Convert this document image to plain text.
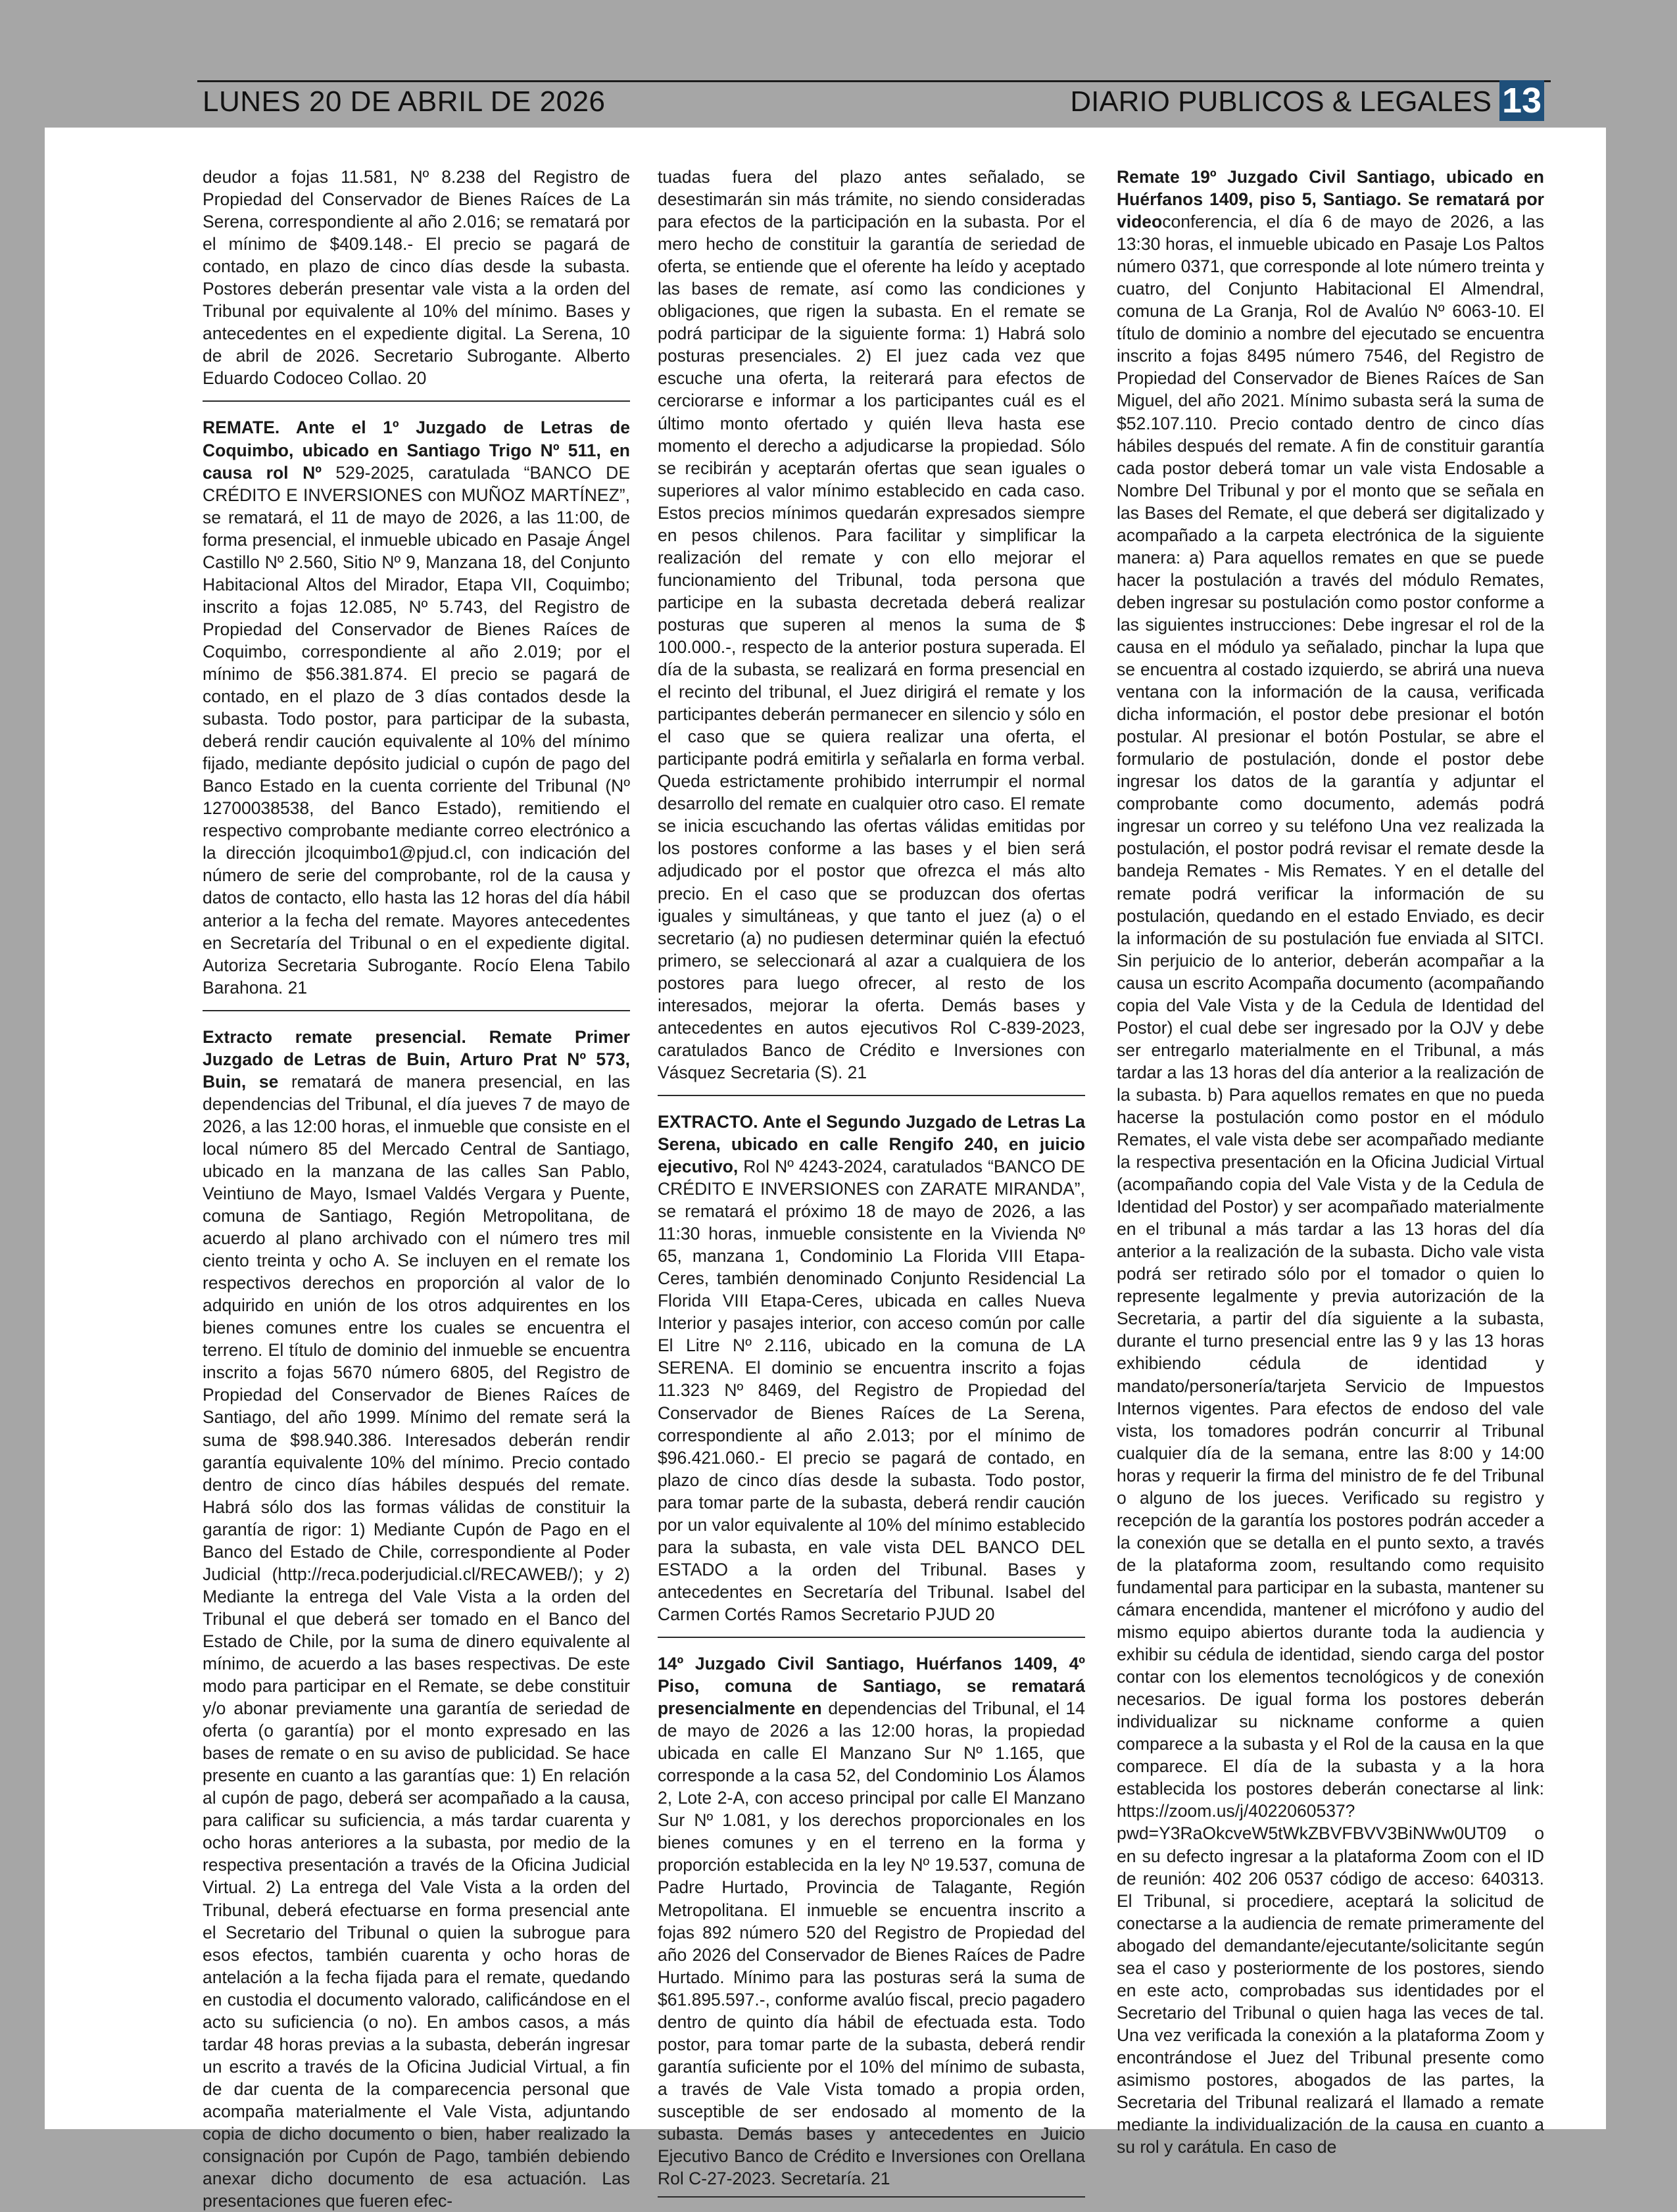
LUNES 20 DE ABRIL DE 2026	DIARIO PUBLICOS & LEGALES 13

deudor a fojas 11.581, Nº 8.238 del Registro de Propiedad del Conservador de Bienes Raíces de La Serena, correspondiente al año 2.016; se rematará por el mínimo de $409.148.- El precio se pagará de contado, en plazo de cinco días desde la subasta. Postores deberán presentar vale vista a la orden del Tribunal por equivalente al 10% del mínimo. Bases y antecedentes en el expediente digital. La Serena, 10 de abril de 2026. Secretario Subrogante. Alberto Eduardo Codoceo Collao. 20

REMATE. Ante el 1º Juzgado de Letras de Coquimbo, ubicado en Santiago Trigo Nº 511, en causa rol Nº 529-2025, caratulada “BANCO DE CRÉDITO E INVERSIONES con MUÑOZ MARTÍNEZ”, se rematará, el 11 de mayo de 2026, a las 11:00, de forma presencial, el inmueble ubicado en Pasaje Ángel Castillo Nº 2.560, Sitio Nº 9, Manzana 18, del Conjunto Habitacional Altos del Mirador, Etapa VII, Coquimbo; inscrito a fojas 12.085, Nº 5.743, del Registro de Propiedad del Conservador de Bienes Raíces de Coquimbo, correspondiente al año 2.019; por el mínimo de $56.381.874. El precio se pagará de contado, en el plazo de 3 días contados desde la subasta. Todo postor, para participar de la subasta, deberá rendir caución equivalente al 10% del mínimo fijado, mediante depósito judicial o cupón de pago del Banco Estado en la cuenta corriente del Tribunal (Nº 12700038538, del Banco Estado), remitiendo el respectivo comprobante mediante correo electrónico a la dirección jlcoquimbo1@pjud.cl, con indicación del número de serie del comprobante, rol de la causa y datos de contacto, ello hasta las 12 horas del día hábil anterior a la fecha del remate. Mayores antecedentes en Secretaría del Tribunal o en el expediente digital. Autoriza Secretaria Subrogante. Rocío Elena Tabilo Barahona. 21

Extracto remate presencial. Remate Primer Juzgado de Letras de Buin, Arturo Prat Nº 573, Buin, se rematará de manera presencial, en las dependencias del Tribunal, el día jueves 7 de mayo de 2026, a las 12:00 horas, el inmueble que consiste en el local número 85 del Mercado Central de Santiago, ubicado en la manzana de las calles San Pablo, Veintiuno de Mayo, Ismael Valdés Vergara y Puente, comuna de Santiago, Región Metropolitana, de acuerdo al plano archivado con el número tres mil ciento treinta y ocho A. Se incluyen en el remate los respectivos derechos en proporción al valor de lo adquirido en unión de los otros adquirentes en los bienes comunes entre los cuales se encuentra el terreno. El título de dominio del inmueble se encuentra inscrito a fojas 5670 número 6805, del Registro de Propiedad del Conservador de Bienes Raíces de Santiago, del año 1999. Mínimo del remate será la suma de $98.940.386. Interesados deberán rendir garantía equivalente 10% del mínimo. Precio contado dentro de cinco días hábiles después del remate. Habrá sólo dos las formas válidas de constituir la garantía de rigor: 1) Mediante Cupón de Pago en el Banco del Estado de Chile, correspondiente al Poder Judicial (http://reca.poderjudicial.cl/RECAWEB/); y 2) Mediante la entrega del Vale Vista a la orden del Tribunal el que deberá ser tomado en el Banco del Estado de Chile, por la suma de dinero equivalente al mínimo, de acuerdo a las bases respectivas. De este modo para participar en el Remate, se debe constituir y/o abonar previamente una garantía de seriedad de oferta (o garantía) por el monto expresado en las bases de remate o en su aviso de publicidad. Se hace presente en cuanto a las garantías que: 1) En relación al cupón de pago, deberá ser acompañado a la causa, para calificar su suficiencia, a más tardar cuarenta y ocho horas anteriores a la subasta, por medio de la respectiva presentación a través de la Oficina Judicial Virtual. 2) La entrega del Vale Vista a la orden del Tribunal, deberá efectuarse en forma presencial ante el Secretario del Tribunal o quien la subrogue para esos efectos, también cuarenta y ocho horas de antelación a la fecha fijada para el remate, quedando en custodia el documento valorado, calificándose en el acto su suficiencia (o no). En ambos casos, a más tardar 48 horas previas a la subasta, deberán ingresar un escrito a través de la Oficina Judicial Virtual, a fin de dar cuenta de la comparecencia personal que acompaña materialmente el Vale Vista, adjuntando copia de dicho documento o bien, haber realizado la consignación por Cupón de Pago, también debiendo anexar dicho documento de esa actuación. Las presentaciones que fueren efec-

tuadas fuera del plazo antes señalado, se desestimarán sin más trámite, no siendo consideradas para efectos de la participación en la subasta. Por el mero hecho de constituir la garantía de seriedad de oferta, se entiende que el oferente ha leído y aceptado las bases de remate, así como las condiciones y obligaciones, que rigen la subasta. En el remate se podrá participar de la siguiente forma: 1) Habrá solo posturas presenciales. 2) El juez cada vez que escuche una oferta, la reiterará para efectos de cerciorarse e informar a los participantes cuál es el último monto ofertado y quién lleva hasta ese momento el derecho a adjudicarse la propiedad. Sólo se recibirán y aceptarán ofertas que sean iguales o superiores al valor mínimo establecido en cada caso. Estos precios mínimos quedarán expresados siempre en pesos chilenos. Para facilitar y simplificar la realización del remate y con ello mejorar el funcionamiento del Tribunal, toda persona que participe en la subasta decretada deberá realizar posturas que superen al menos la suma de $ 100.000.-, respecto de la anterior postura superada. El día de la subasta, se realizará en forma presencial en el recinto del tribunal, el Juez dirigirá el remate y los participantes deberán permanecer en silencio y sólo en el caso que se quiera realizar una oferta, el participante podrá emitirla y señalarla en forma verbal. Queda estrictamente prohibido interrumpir el normal desarrollo del remate en cualquier otro caso. El remate se inicia escuchando las ofertas válidas emitidas por los postores conforme a las bases y el bien será adjudicado por el postor que ofrezca el más alto precio. En el caso que se produzcan dos ofertas iguales y simultáneas, y que tanto el juez (a) o el secretario (a) no pudiesen determinar quién la efectuó primero, se seleccionará al azar a cualquiera de los postores para luego ofrecer, al resto de los interesados, mejorar la oferta. Demás bases y antecedentes en autos ejecutivos Rol C-839-2023, caratulados Banco de Crédito e Inversiones con Vásquez Secretaria (S). 21

EXTRACTO. Ante el Segundo Juzgado de Letras La Serena, ubicado en calle Rengifo 240, en juicio ejecutivo, Rol Nº 4243-2024, caratulados “BANCO DE CRÉDITO E INVERSIONES con ZARATE MIRANDA”, se rematará el próximo 18 de mayo de 2026, a las 11:30 horas, inmueble consistente en la Vivienda Nº 65, manzana 1, Condominio La Florida VIII Etapa-Ceres, también denominado Conjunto Residencial La Florida VIII Etapa-Ceres, ubicada en calles Nueva Interior y pasajes interior, con acceso común por calle El Litre Nº 2.116, ubicado en la comuna de LA SERENA. El dominio se encuentra inscrito a fojas 11.323 Nº 8469, del Registro de Propiedad del Conservador de Bienes Raíces de La Serena, correspondiente al año 2.013; por el mínimo de $96.421.060.- El precio se pagará de contado, en plazo de cinco días desde la subasta. Todo postor, para tomar parte de la subasta, deberá rendir caución por un valor equivalente al 10% del mínimo establecido para la subasta, en vale vista DEL BANCO DEL ESTADO a la orden del Tribunal. Bases y antecedentes en Secretaría del Tribunal. Isabel del Carmen Cortés Ramos Secretario PJUD 20

14º Juzgado Civil Santiago, Huérfanos 1409, 4º Piso, comuna de Santiago, se rematará presencialmente en dependencias del Tribunal, el 14 de mayo de 2026 a las 12:00 horas, la propiedad ubicada en calle El Manzano Sur Nº 1.165, que corresponde a la casa 52, del Condominio Los Álamos 2, Lote 2-A, con acceso principal por calle El Manzano Sur Nº 1.081, y los derechos proporcionales en los bienes comunes y en el terreno en la forma y proporción establecida en la ley Nº 19.537, comuna de Padre Hurtado, Provincia de Talagante, Región Metropolitana. El inmueble se encuentra inscrito a fojas 892 número 520 del Registro de Propiedad del año 2026 del Conservador de Bienes Raíces de Padre Hurtado. Mínimo para las posturas será la suma de $61.895.597.-, conforme avalúo fiscal, precio pagadero dentro de quinto día hábil de efectuada esta. Todo postor, para tomar parte de la subasta, deberá rendir garantía suficiente por el 10% del mínimo de subasta, a través de Vale Vista tomado a propia orden, susceptible de ser endosado al momento de la subasta. Demás bases y antecedentes en Juicio Ejecutivo Banco de Crédito e Inversiones con Orellana Rol C-27-2023. Secretaría. 21

Remate 19º Juzgado Civil Santiago, ubicado en Huérfanos 1409, piso 5, Santiago. Se rematará por videoconferencia, el día 6 de mayo de 2026, a las 13:30 horas, el inmueble ubicado en Pasaje Los Paltos número 0371, que corresponde al lote número treinta y cuatro, del Conjunto Habitacional El Almendral, comuna de La Granja, Rol de Avalúo Nº 6063-10. El título de dominio a nombre del ejecutado se encuentra inscrito a fojas 8495 número 7546, del Registro de Propiedad del Conservador de Bienes Raíces de San Miguel, del año 2021. Mínimo subasta será la suma de $52.107.110. Precio contado dentro de cinco días hábiles después del remate. A fin de constituir garantía cada postor deberá tomar un vale vista Endosable a Nombre Del Tribunal y por el monto que se señala en las Bases del Remate, el que deberá ser digitalizado y acompañado a la carpeta electrónica de la siguiente manera: a) Para aquellos remates en que se puede hacer la postulación a través del módulo Remates, deben ingresar su postulación como postor conforme a las siguientes instrucciones: Debe ingresar el rol de la causa en el módulo ya señalado, pinchar la lupa que se encuentra al costado izquierdo, se abrirá una nueva ventana con la información de la causa, verificada dicha información, el postor debe presionar el botón postular. Al presionar el botón Postular, se abre el formulario de postulación, donde el postor debe ingresar los datos de la garantía y adjuntar el comprobante como documento, además podrá ingresar un correo y su teléfono Una vez realizada la postulación, el postor podrá revisar el remate desde la bandeja Remates - Mis Remates. Y en el detalle del remate podrá verificar la información de su postulación, quedando en el estado Enviado, es decir la información de su postulación fue enviada al SITCI. Sin perjuicio de lo anterior, deberán acompañar a la causa un escrito Acompaña documento (acompañando copia del Vale Vista y de la Cedula de Identidad del Postor) el cual debe ser ingresado por la OJV y debe ser entregarlo materialmente en el Tribunal, a más tardar a las 13 horas del día anterior a la realización de la subasta. b) Para aquellos remates en que no pueda hacerse la postulación como postor en el módulo Remates, el vale vista debe ser acompañado mediante la respectiva presentación en la Oficina Judicial Virtual (acompañando copia del Vale Vista y de la Cedula de Identidad del Postor) y ser acompañado materialmente en el tribunal a más tardar a las 13 horas del día anterior a la realización de la subasta. Dicho vale vista podrá ser retirado sólo por el tomador o quien lo represente legalmente y previa autorización de la Secretaria, a partir del día siguiente a la subasta, durante el turno presencial entre las 9 y las 13 horas exhibiendo cédula de identidad y mandato/personería/tarjeta Servicio de Impuestos Internos vigentes. Para efectos de endoso del vale vista, los tomadores podrán concurrir al Tribunal cualquier día de la semana, entre las 8:00 y 14:00 horas y requerir la firma del ministro de fe del Tribunal o alguno de los jueces. Verificado su registro y recepción de la garantía los postores podrán acceder a la conexión que se detalla en el punto sexto, a través de la plataforma zoom, resultando como requisito fundamental para participar en la subasta, mantener su cámara encendida, mantener el micrófono y audio del mismo equipo abiertos durante toda la audiencia y exhibir su cédula de identidad, siendo carga del postor contar con los elementos tecnológicos y de conexión necesarios. De igual forma los postores deberán individualizar su nickname conforme a quien comparece a la subasta y el Rol de la causa en la que comparece. El día de la subasta y a la hora establecida los postores deberán conectarse al link: https://zoom.us/j/4022060537?pwd=Y3RaOkcveW5tWkZBVFBVV3BiNWw0UT09 o en su defecto ingresar a la plataforma Zoom con el ID de reunión: 402 206 0537 código de acceso: 640313. El Tribunal, si procediere, aceptará la solicitud de conectarse a la audiencia de remate primeramente del abogado del demandante/ejecutante/solicitante según sea el caso y posteriormente de los postores, siendo en este acto, comprobadas sus identidades por el Secretario del Tribunal o quien haga las veces de tal. Una vez verificada la conexión a la plataforma Zoom y encontrándose el Juez del Tribunal presente como asimismo postores, abogados de las partes, la Secretaria del Tribunal realizará el llamado a remate mediante la individualización de la causa en cuanto a su rol y carátula. En caso de
